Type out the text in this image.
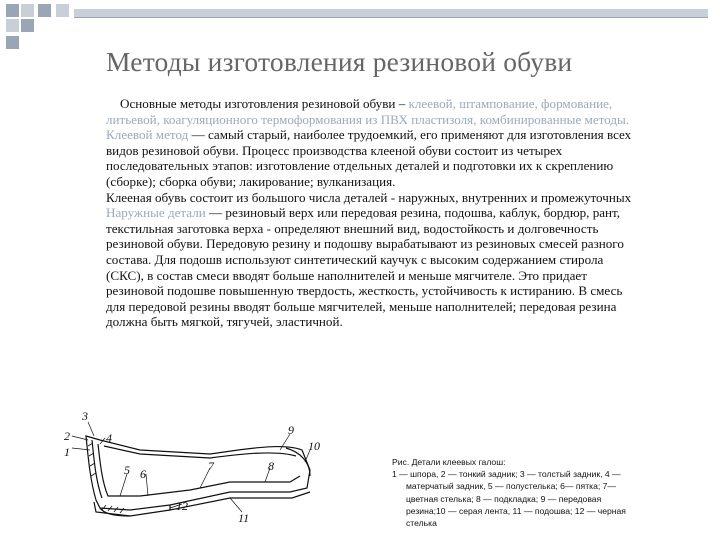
Методы изготовления резиновой обуви

Основные методы изготовления резиновой обуви – клеевой, штампование, формование, литьевой, коагуляционного термоформования из ПВХ пластизоля, комбинированные методы.

Клеевой метод — самый старый, наиболее трудоемкий, его применяют для изготовления всех видов резиновой обуви. Процесс производства клееной обуви состоит из четырех последовательных этапов: изготовление отдельных деталей и подготовки их к скреплению (сборке); сборка обуви; лакирование; вулканизация.

Клееная обувь состоит из большого числа деталей - наружных, внутренних и промежуточных

Наружные детали — резиновый верх или передовая резина, подошва, каблук, бордюр, рант, текстильная заготовка верха - определяют внешний вид, водостойкость и долговечность резиновой обуви. Передовую резину и подошву вырабатывают из резиновых смесей разного состава. Для подошв используют синтетический каучук с высоким содержанием стирола (СКС), в состав смеси вводят больше наполнителей и меньше мягчителе. Это придает резиновой подошве повышенную твердость, жесткость, устойчивость к истиранию. В смесь для передовой резины вводят больше мягчителей, меньше наполнителей; передовая резина должна быть мягкой, тягучей, эластичной.

1
2
3
4
5 6
7	8
9
10
11
12
Рис. Детали клеевых галош:
1 — шпора, 2 — тонкий задник; 3 — толстый задник, 4 —
матерчатый задник, 5 — полустелька; 6— пятка; 7—
цветная стелька; 8 — подкладка; 9 — передовая
резина;10 — серая лента, 11 — подошва; 12 — черная
стелька
